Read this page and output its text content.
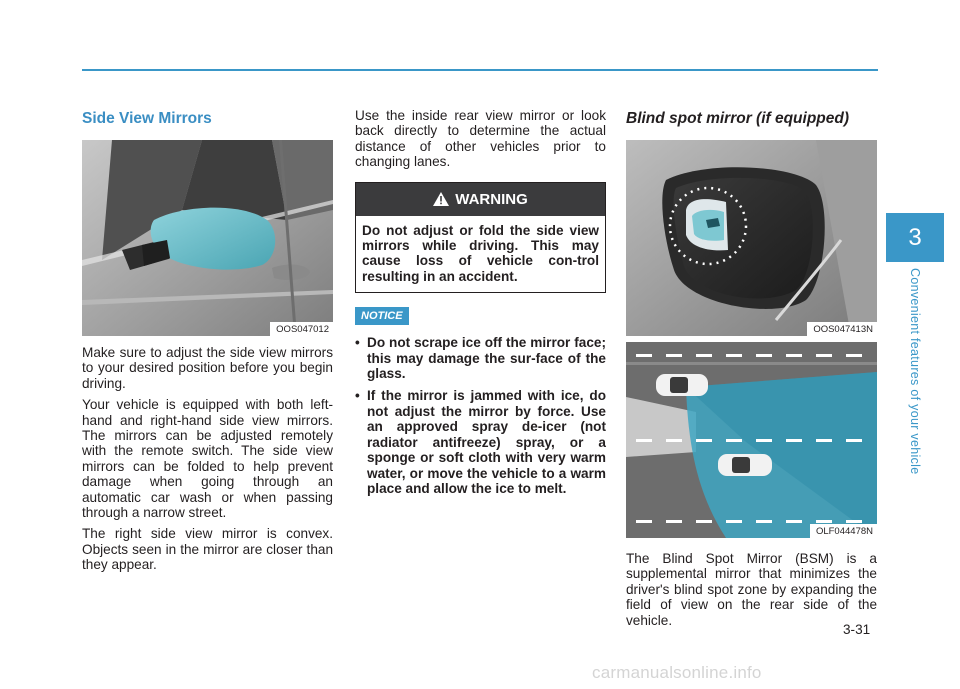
Side View Mirrors
OOS047012

Make sure to adjust the side view mirrors to your desired position before you begin driving.

Your vehicle is equipped with both left-hand and right-hand side view mirrors. The mirrors can be adjusted remotely with the remote switch. The side view mirrors can be folded to help prevent damage when going through an automatic car wash or when passing through a narrow street.

The right side view mirror is convex. Objects seen in the mirror are closer than they appear.

Use the inside rear view mirror or look back directly to determine the actual distance of other vehicles prior to changing lanes.

WARNING
Do not adjust or fold the side view mirrors while driving. This may cause loss of vehicle con-trol resulting in an accident.
NOTICE
• Do not scrape ice off the mirror face; this may damage the sur-face of the glass.
• If the mirror is jammed with ice, do not adjust the mirror by force. Use an approved spray de-icer (not radiator antifreeze) spray, or a sponge or soft cloth with very warm water, or move the vehicle to a warm place and allow the ice to melt.
Blind spot mirror (if equipped)
OOS047413N
OLF044478N

The Blind Spot Mirror (BSM) is a supplemental mirror that minimizes the driver's blind spot zone by expanding the field of view on the rear side of the vehicle.

3
Convenient features of your vehicle
3-31
carmanualsonline.info
